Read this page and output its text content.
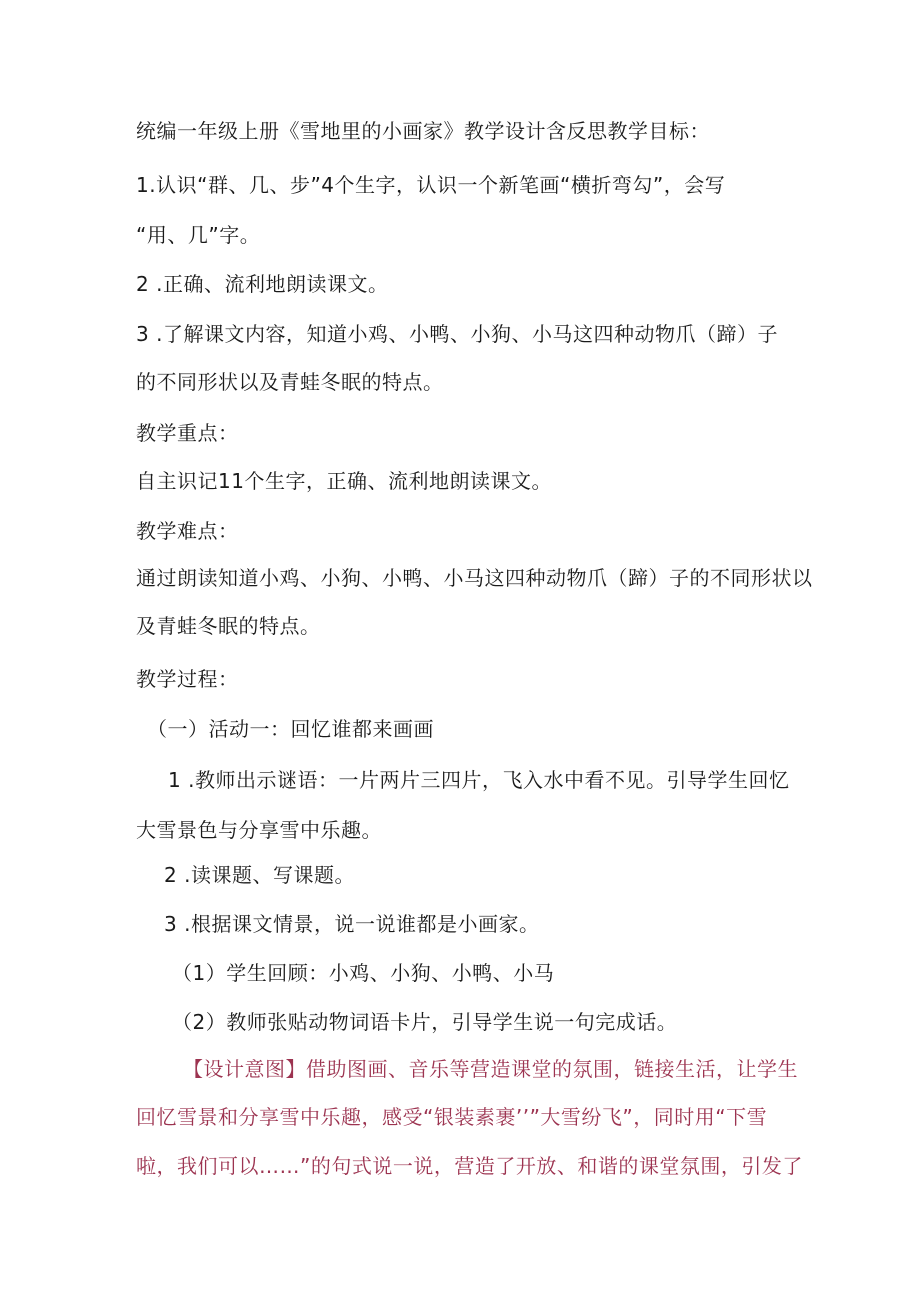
统编一年级上册《雪地里的小画家》教学设计含反思教学目标：

1.认识“群、几、步”4个生字，认识一个新笔画“横折弯勾”，会写

“用、几”字。

2 .正确、流利地朗读课文。

3 .了解课文内容，知道小鸡、小鸭、小狗、小马这四种动物爪（蹄）子

的不同形状以及青蛙冬眠的特点。

教学重点：

自主识记11个生字，正确、流利地朗读课文。

教学难点：

通过朗读知道小鸡、小狗、小鸭、小马这四种动物爪（蹄）子的不同形状以

及青蛙冬眠的特点。

教学过程：

（一）活动一：回忆谁都来画画

1 .教师出示谜语：一片两片三四片，飞入水中看不见。引导学生回忆

大雪景色与分享雪中乐趣。

2 .读课题、写课题。

3 .根据课文情景，说一说谁都是小画家。

（1）学生回顾：小鸡、小狗、小鸭、小马

（2）教师张贴动物词语卡片，引导学生说一句完成话。

【设计意图】借助图画、音乐等营造课堂的氛围，链接生活，让学生

回忆雪景和分享雪中乐趣，感受“银装素裹’’”大雪纷飞”，同时用“下雪

啦，我们可以……”的句式说一说，营造了开放、和谐的课堂氛围，引发了
